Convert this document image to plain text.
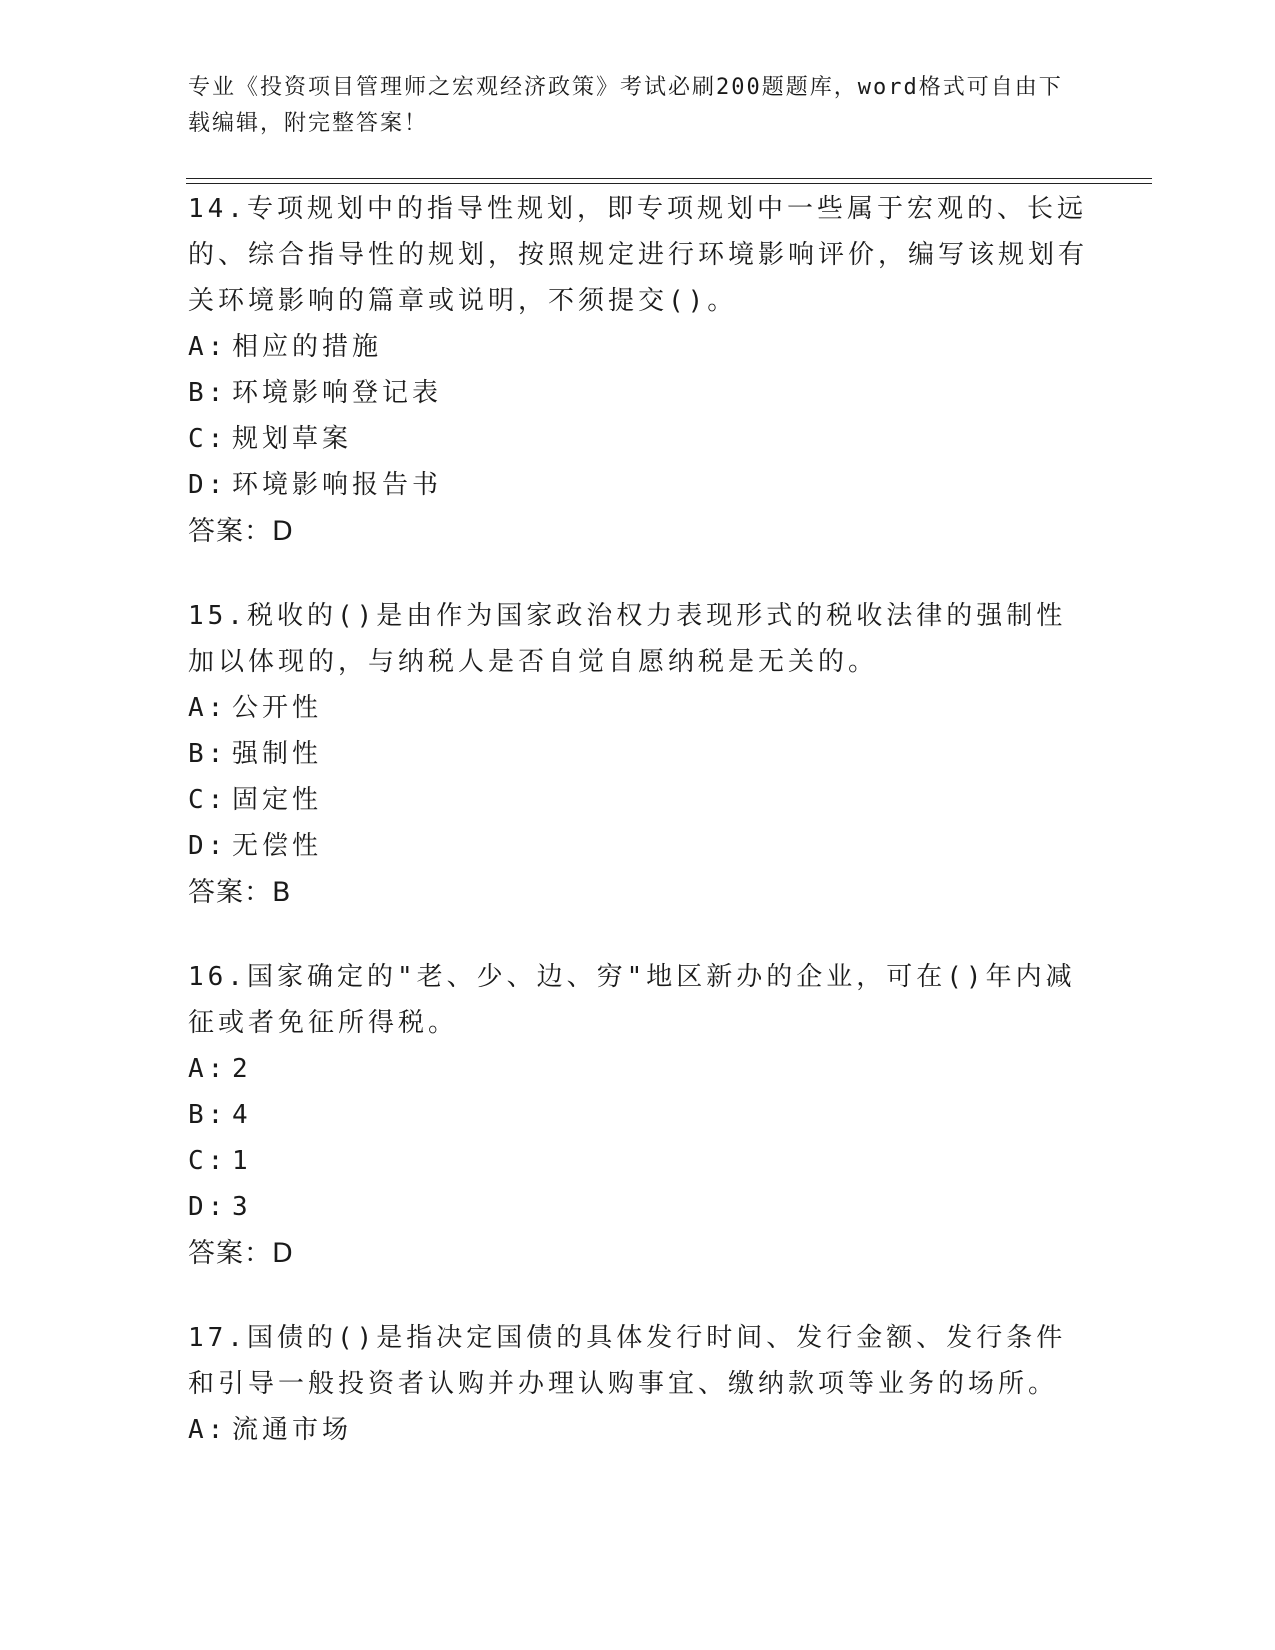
专业《投资项目管理师之宏观经济政策》考试必刷200题题库，word格式可自由下载编辑，附完整答案！

14.专项规划中的指导性规划，即专项规划中一些属于宏观的、长远的、综合指导性的规划，按照规定进行环境影响评价，编写该规划有关环境影响的篇章或说明，不须提交()。

A: 相应的措施
B: 环境影响登记表
C: 规划草案
D: 环境影响报告书
答案：D

15.税收的()是由作为国家政治权力表现形式的税收法律的强制性加以体现的，与纳税人是否自觉自愿纳税是无关的。

A: 公开性
B: 强制性
C: 固定性
D: 无偿性
答案：B

16.国家确定的"老、少、边、穷"地区新办的企业，可在()年内减征或者免征所得税。

A: 2
B: 4
C: 1
D: 3
答案：D

17.国债的()是指决定国债的具体发行时间、发行金额、发行条件和引导一般投资者认购并办理认购事宜、缴纳款项等业务的场所。

A: 流通市场
